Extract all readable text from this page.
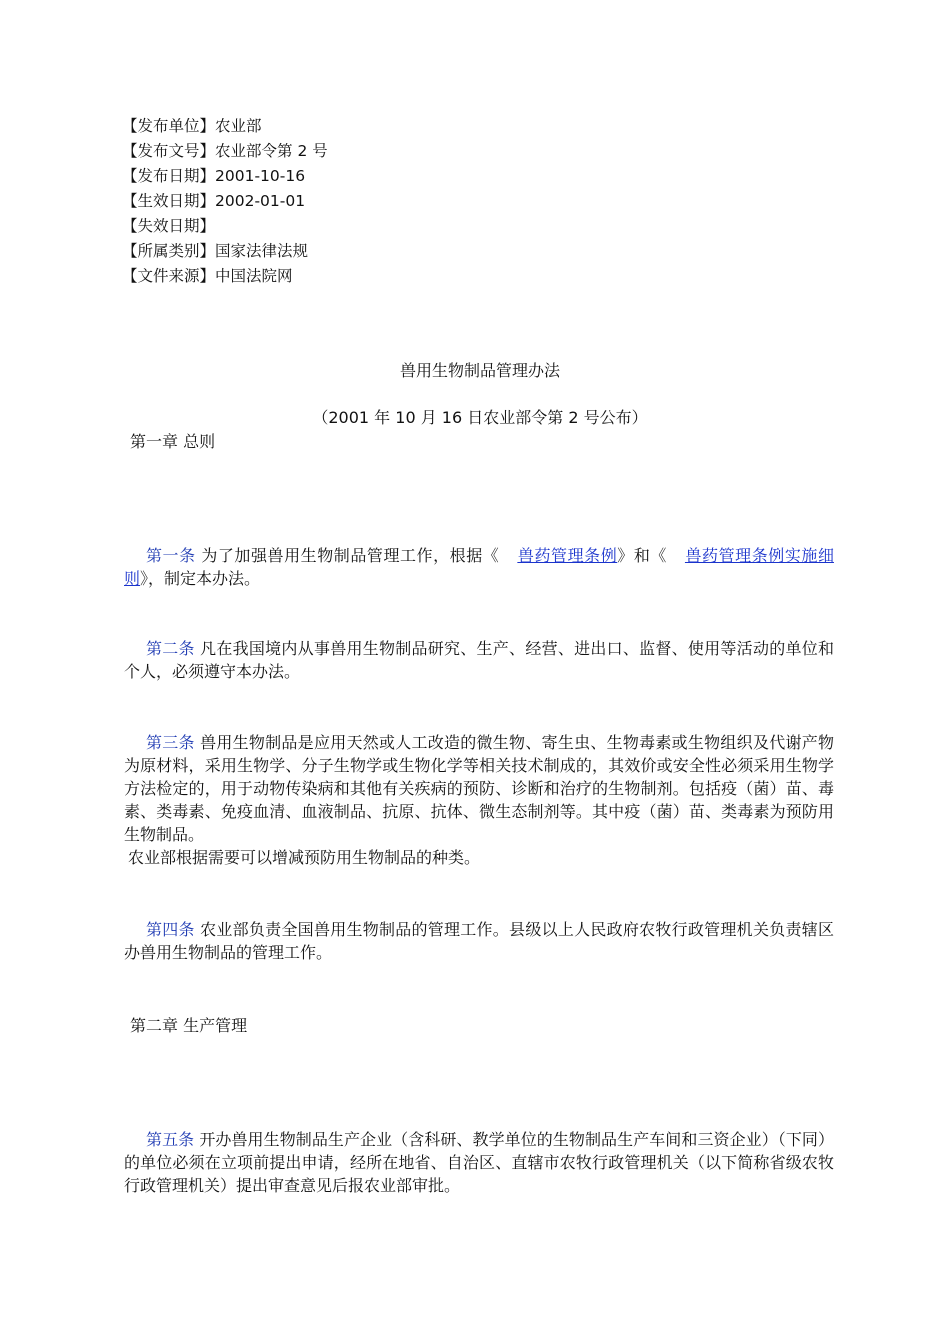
【发布单位】农业部
【发布文号】农业部令第 2 号
【发布日期】2001-10-16
【生效日期】2002-01-01
【失效日期】
【所属类别】国家法律法规
【文件来源】中国法院网
兽用生物制品管理办法
（2001 年 10 月 16 日农业部令第 2 号公布）
第一章 总则
第一条 为了加强兽用生物制品管理工作，根据《 兽药管理条例》和《 兽药管理条例实施细则》，制定本办法。
第二条 凡在我国境内从事兽用生物制品研究、生产、经营、进出口、监督、使用等活动的单位和个人，必须遵守本办法。
第三条 兽用生物制品是应用天然或人工改造的微生物、寄生虫、生物毒素或生物组织及代谢产物为原材料，采用生物学、分子生物学或生物化学等相关技术制成的，其效价或安全性必须采用生物学方法检定的，用于动物传染病和其他有关疾病的预防、诊断和治疗的生物制剂。包括疫（菌）苗、毒素、类毒素、免疫血清、血液制品、抗原、抗体、微生态制剂等。其中疫（菌）苗、类毒素为预防用生物制品。
农业部根据需要可以增减预防用生物制品的种类。
第四条 农业部负责全国兽用生物制品的管理工作。县级以上人民政府农牧行政管理机关负责辖区办兽用生物制品的管理工作。
第二章 生产管理
第五条 开办兽用生物制品生产企业（含科研、教学单位的生物制品生产车间和三资企业）（下同）的单位必须在立项前提出申请，经所在地省、自治区、直辖市农牧行政管理机关（以下简称省级农牧行政管理机关）提出审查意见后报农业部审批。
